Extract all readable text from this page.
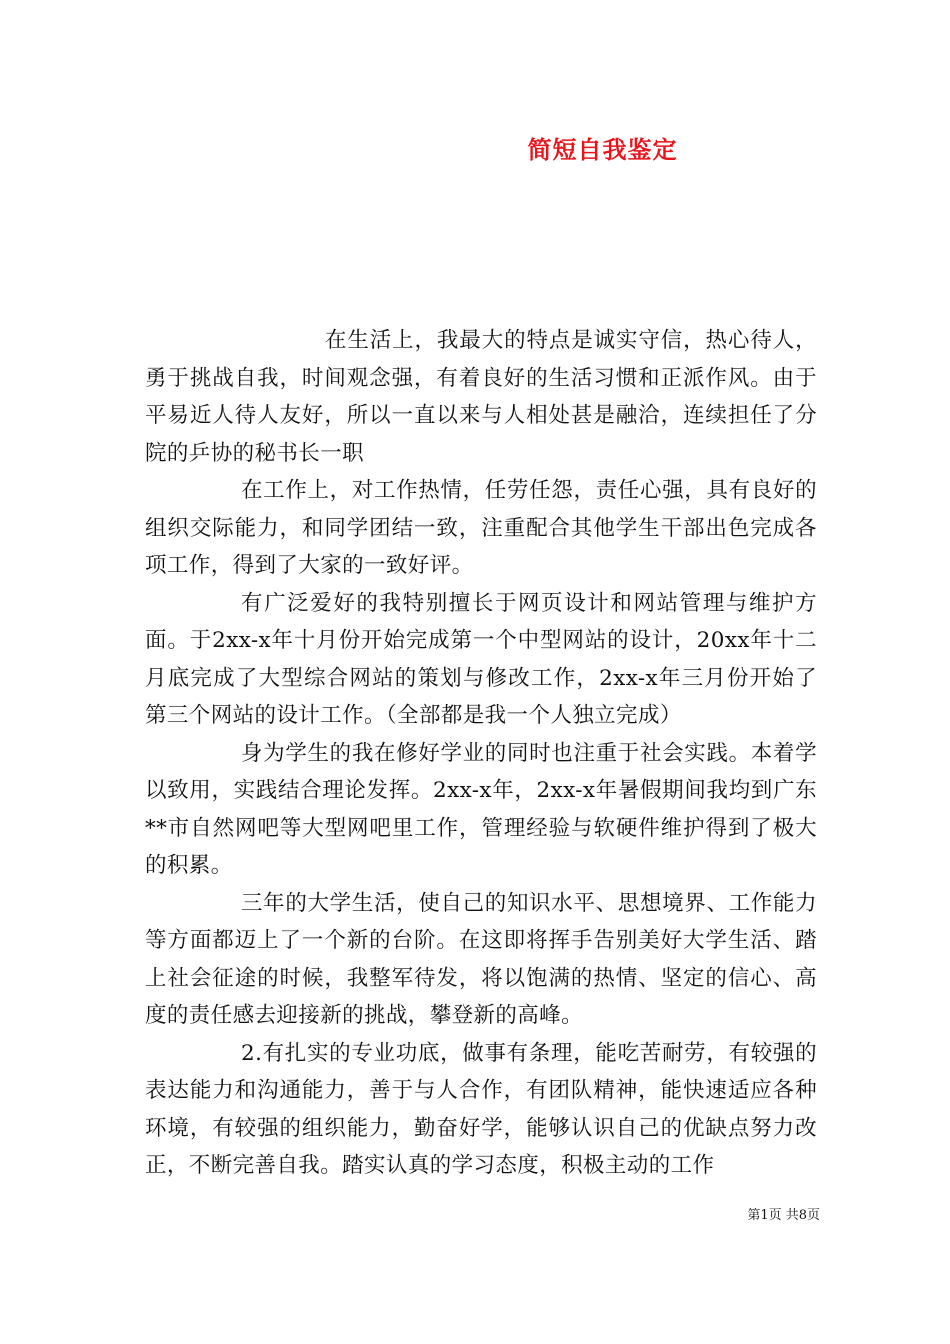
简短自我鉴定

在生活上，我最大的特点是诚实守信，热心待人，勇于挑战自我，时间观念强，有着良好的生活习惯和正派作风。由于平易近人待人友好，所以一直以来与人相处甚是融洽，连续担任了分院的乒协的秘书长一职

在工作上，对工作热情，任劳任怨，责任心强，具有良好的组织交际能力，和同学团结一致，注重配合其他学生干部出色完成各项工作，得到了大家的一致好评。

有广泛爱好的我特别擅长于网页设计和网站管理与维护方面。于2xx-x年十月份开始完成第一个中型网站的设计，20xx年十二月底完成了大型综合网站的策划与修改工作，2xx-x年三月份开始了第三个网站的设计工作。（全部都是我一个人独立完成）

身为学生的我在修好学业的同时也注重于社会实践。本着学以致用，实践结合理论发挥。2xx-x年，2xx-x年暑假期间我均到广东**市自然网吧等大型网吧里工作，管理经验与软硬件维护得到了极大的积累。

三年的大学生活，使自己的知识水平、思想境界、工作能力等方面都迈上了一个新的台阶。在这即将挥手告别美好大学生活、踏上社会征途的时候，我整军待发，将以饱满的热情、坚定的信心、高度的责任感去迎接新的挑战，攀登新的高峰。

2.有扎实的专业功底，做事有条理，能吃苦耐劳，有较强的表达能力和沟通能力，善于与人合作，有团队精神，能快速适应各种环境，有较强的组织能力，勤奋好学，能够认识自己的优缺点努力改正，不断完善自我。踏实认真的学习态度，积极主动的工作

第1页 共8页
